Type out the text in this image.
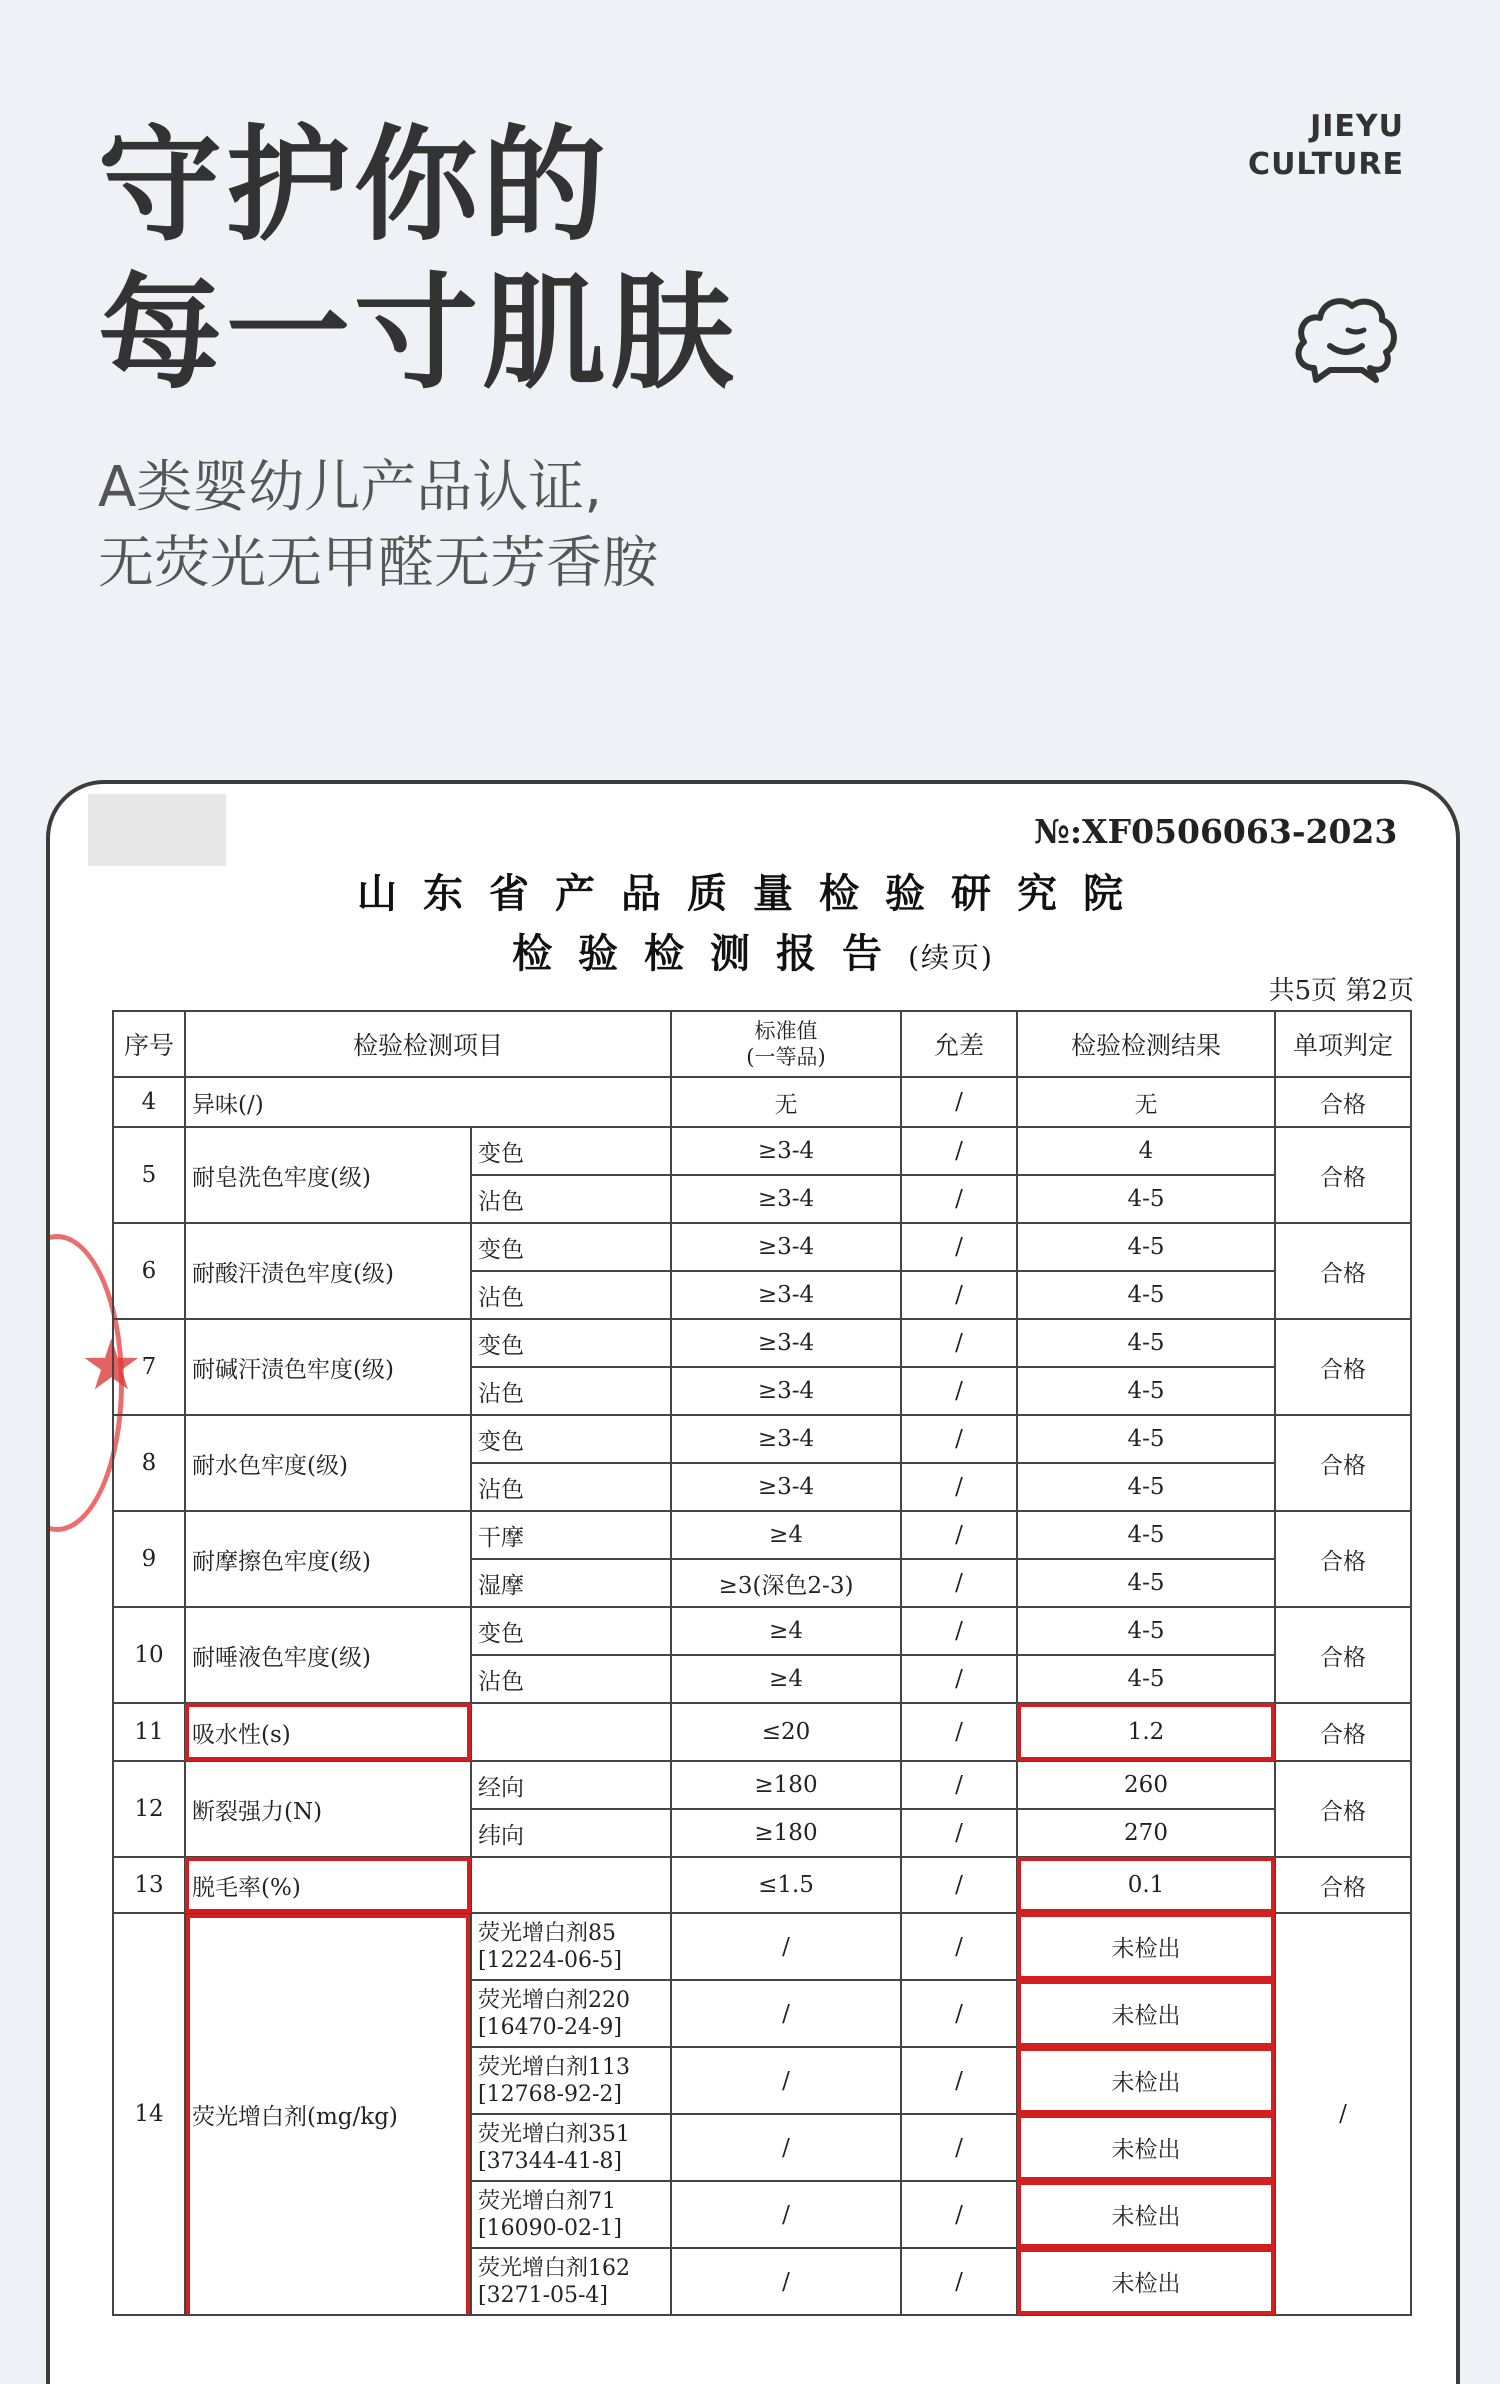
守护你的
每一寸肌肤
JIEYU
CULTURE
A类婴幼儿产品认证,
无荧光无甲醛无芳香胺
№:XF0506063-2023
山东省产品质量检验研究院
检验检测报告(续页)
共5页 第2页
★
序号	检验检测项目		标准值
(一等品)	允差	检验检测结果	单项判定
4	异味(/)		无	/	无	合格
5	耐皂洗色牢度(级)	变色	≥3-4	/	4	合格
		沾色	≥3-4	/	4-5	
6	耐酸汗渍色牢度(级)	变色	≥3-4	/	4-5	合格
		沾色	≥3-4	/	4-5	
7	耐碱汗渍色牢度(级)	变色	≥3-4	/	4-5	合格
		沾色	≥3-4	/	4-5	
8	耐水色牢度(级)	变色	≥3-4	/	4-5	合格
		沾色	≥3-4	/	4-5	
9	耐摩擦色牢度(级)	干摩	≥4	/	4-5	合格
		湿摩	≥3(深色2-3)	/	4-5	
10	耐唾液色牢度(级)	变色	≥4	/	4-5	合格
		沾色	≥4	/	4-5	
11	吸水性(s)		≤20	/	1.2	合格
12	断裂强力(N)	经向	≥180	/	260	合格
		纬向	≥180	/	270	
13	脱毛率(%)		≤1.5	/	0.1	合格
14	荧光增白剂(mg/kg)	荧光增白剂85
[12224-06-5]	/	/	未检出	/

		荧光增白剂220
[16470-24-9]	/	/	未检出	

		荧光增白剂113
[12768-92-2]	/	/	未检出	

		荧光增白剂351
[37344-41-8]	/	/	未检出	

		荧光增白剂71
[16090-02-1]	/	/	未检出	

		荧光增白剂162
[3271-05-4]	/	/	未检出	
